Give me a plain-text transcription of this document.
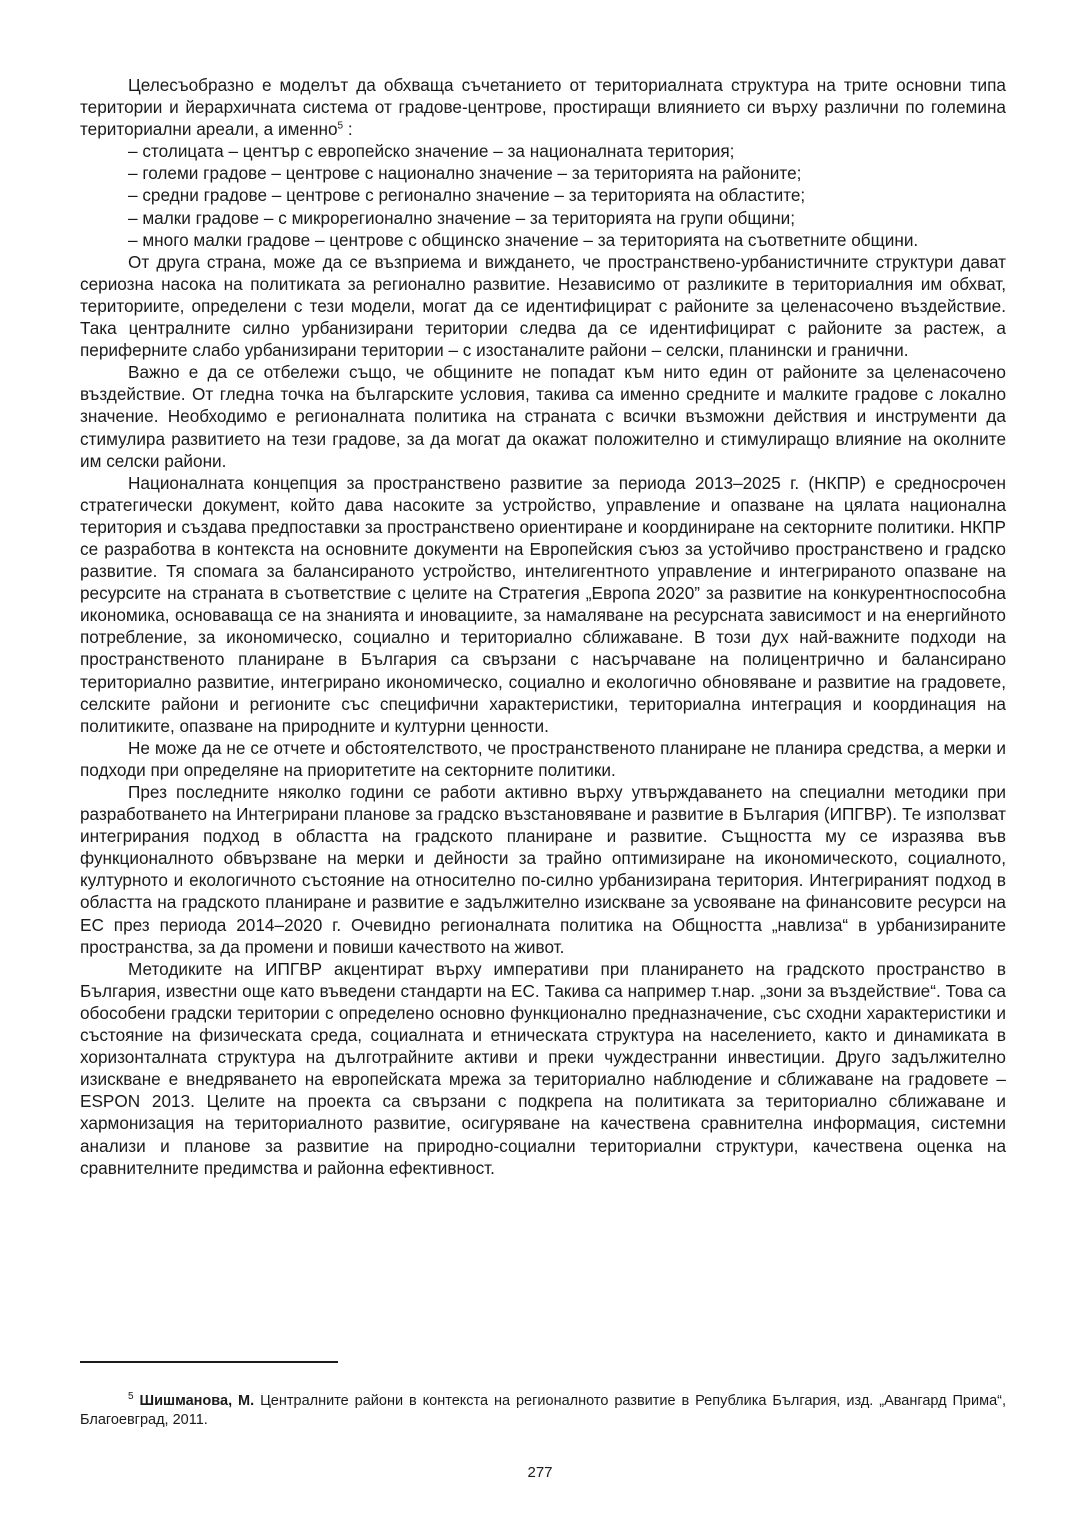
Целесъобразно е моделът да обхваща съчетанието от териториалната структура на трите основни типа територии и йерархичната система от градове-центрове, простиращи влиянието си върху различни по големина териториални ареали, а именно$^5$ :

– столицата – център с европейско значение – за националната територия;

– големи градове – центрове с национално значение – за територията на районите;

– средни градове – центрове с регионално значение – за територията на областите;

– малки градове – с микрорегионално значение – за територията на групи общини;

– много малки градове – центрове с общинско значение – за територията на съответните общини.

От друга страна, може да се възприема и виждането, че пространствено-урбанистичните структури дават сериозна насока на политиката за регионално развитие. Независимо от разликите в териториалния им обхват, териториите, определени с тези модели, могат да се идентифицират с районите за целенасочено въздействие. Така централните силно урбанизирани територии следва да се идентифицират с районите за растеж, а периферните слабо урбанизирани територии – с изостаналите райони – селски, планински и гранични.

Важно е да се отбележи също, че общините не попадат към нито един от районите за целенасочено въздействие. От гледна точка на българските условия, такива са именно средните и малките градове с локално значение. Необходимо е регионалната политика на страната с всички възможни действия и инструменти да стимулира развитието на тези градове, за да могат да окажат положително и стимулиращо влияние на околните им селски райони.

Националната концепция за пространствено развитие за периода 2013–2025 г. (НКПР) е средносрочен стратегически документ, който дава насоките за устройство, управление и опазване на цялата национална територия и създава предпоставки за пространствено ориентиране и координиране на секторните политики. НКПР се разработва в контекста на основните документи на Европейския съюз за устойчиво пространствено и градско развитие. Тя спомага за балансираното устройство, интелигентното управление и интегрираното опазване на ресурсите на страната в съответствие с целите на Стратегия „Европа 2020” за развитие на конкурентноспособна икономика, основаваща се на знанията и иновациите, за намаляване на ресурсната зависимост и на енергийното потребление, за икономическо, социално и териториално сближаване. В този дух най-важните подходи на пространственото планиране в България са свързани с насърчаване на полицентрично и балансирано териториално развитие, интегрирано икономическо, социално и екологично обновяване и развитие на градовете, селските райони и регионите със специфични характеристики, териториална интеграция и координация на политиките, опазване на природните и културни ценности.

Не може да не се отчете и обстоятелството, че пространственото планиране не планира средства, а мерки и подходи при определяне на приоритетите на секторните политики.

През последните няколко години се работи активно върху утвърждаването на специални методики при разработването на Интегрирани планове за градско възстановяване и развитие в България (ИПГВР). Те използват интегрирания подход в областта на градското планиране и развитие. Същността му се изразява във функционалното обвързване на мерки и дейности за трайно оптимизиране на икономическото, социалното, културното и екологичното състояние на относително по-силно урбанизирана територия. Интегрираният подход в областта на градското планиране и развитие е задължително изискване за усвояване на финансовите ресурси на ЕС през периода 2014–2020 г. Очевидно регионалната политика на Общността „навлиза“ в урбанизираните пространства, за да промени и повиши качеството на живот.

Методиките на ИПГВР акцентират върху императиви при планирането на градското пространство в България, известни още като въведени стандарти на ЕС. Такива са например т.нар. „зони за въздействие“. Това са обособени градски територии с определено основно функционално предназначение, със сходни характеристики и състояние на физическата среда, социалната и етническата структура на населението, както и динамиката в хоризонталната структура на дълготрайните активи и преки чуждестранни инвестиции. Друго задължително изискване е внедряването на европейската мрежа за териториално наблюдение и сближаване на градовете – ESPON 2013. Целите на проекта са свързани с подкрепа на политиката за териториално сближаване и хармонизация на териториалното развитие, осигуряване на качествена сравнителна информация, системни анализи и планове за развитие на природно-социални териториални структури, качествена оценка на сравнителните предимства и районна ефективност.

$^5$ Шишманова, М. Централните райони в контекста на регионалното развитие в Република България, изд. „Авангард Прима“, Благоевград, 2011.
277
